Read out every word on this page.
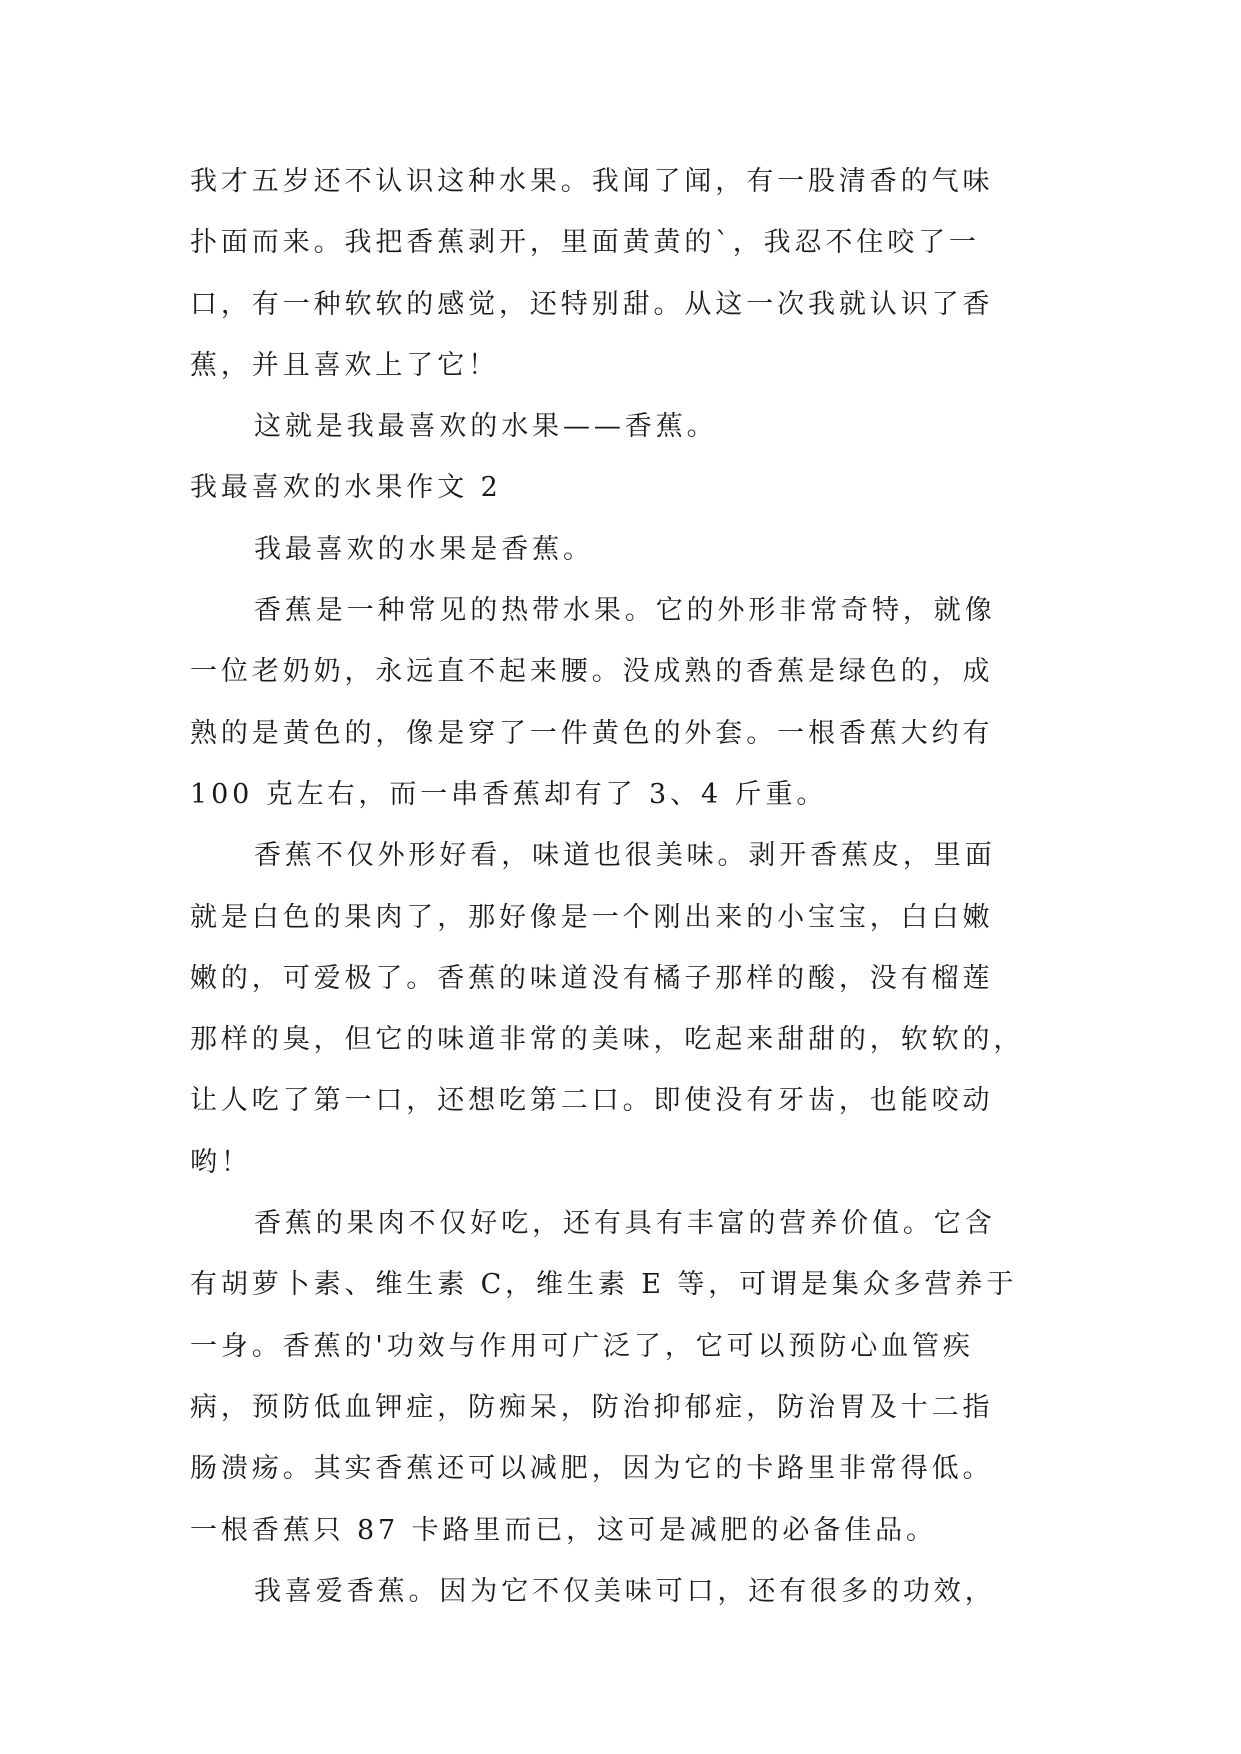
我才五岁还不认识这种水果。我闻了闻，有一股清香的气味
扑面而来。我把香蕉剥开，里面黄黄的`，我忍不住咬了一
口，有一种软软的感觉，还特别甜。从这一次我就认识了香
蕉，并且喜欢上了它！
这就是我最喜欢的水果——香蕉。
我最喜欢的水果作文 2
我最喜欢的水果是香蕉。
香蕉是一种常见的热带水果。它的外形非常奇特，就像
一位老奶奶，永远直不起来腰。没成熟的香蕉是绿色的，成
熟的是黄色的，像是穿了一件黄色的外套。一根香蕉大约有
100 克左右，而一串香蕉却有了 3、4 斤重。
香蕉不仅外形好看，味道也很美味。剥开香蕉皮，里面
就是白色的果肉了，那好像是一个刚出来的小宝宝，白白嫩
嫩的，可爱极了。香蕉的味道没有橘子那样的酸，没有榴莲
那样的臭，但它的味道非常的美味，吃起来甜甜的，软软的，
让人吃了第一口，还想吃第二口。即使没有牙齿，也能咬动
哟！
香蕉的果肉不仅好吃，还有具有丰富的营养价值。它含
有胡萝卜素、维生素 C，维生素 E 等，可谓是集众多营养于
一身。香蕉的'功效与作用可广泛了，它可以预防心血管疾
病，预防低血钾症，防痴呆，防治抑郁症，防治胃及十二指
肠溃疡。其实香蕉还可以减肥，因为它的卡路里非常得低。
一根香蕉只 87 卡路里而已，这可是减肥的必备佳品。
我喜爱香蕉。因为它不仅美味可口，还有很多的功效，
